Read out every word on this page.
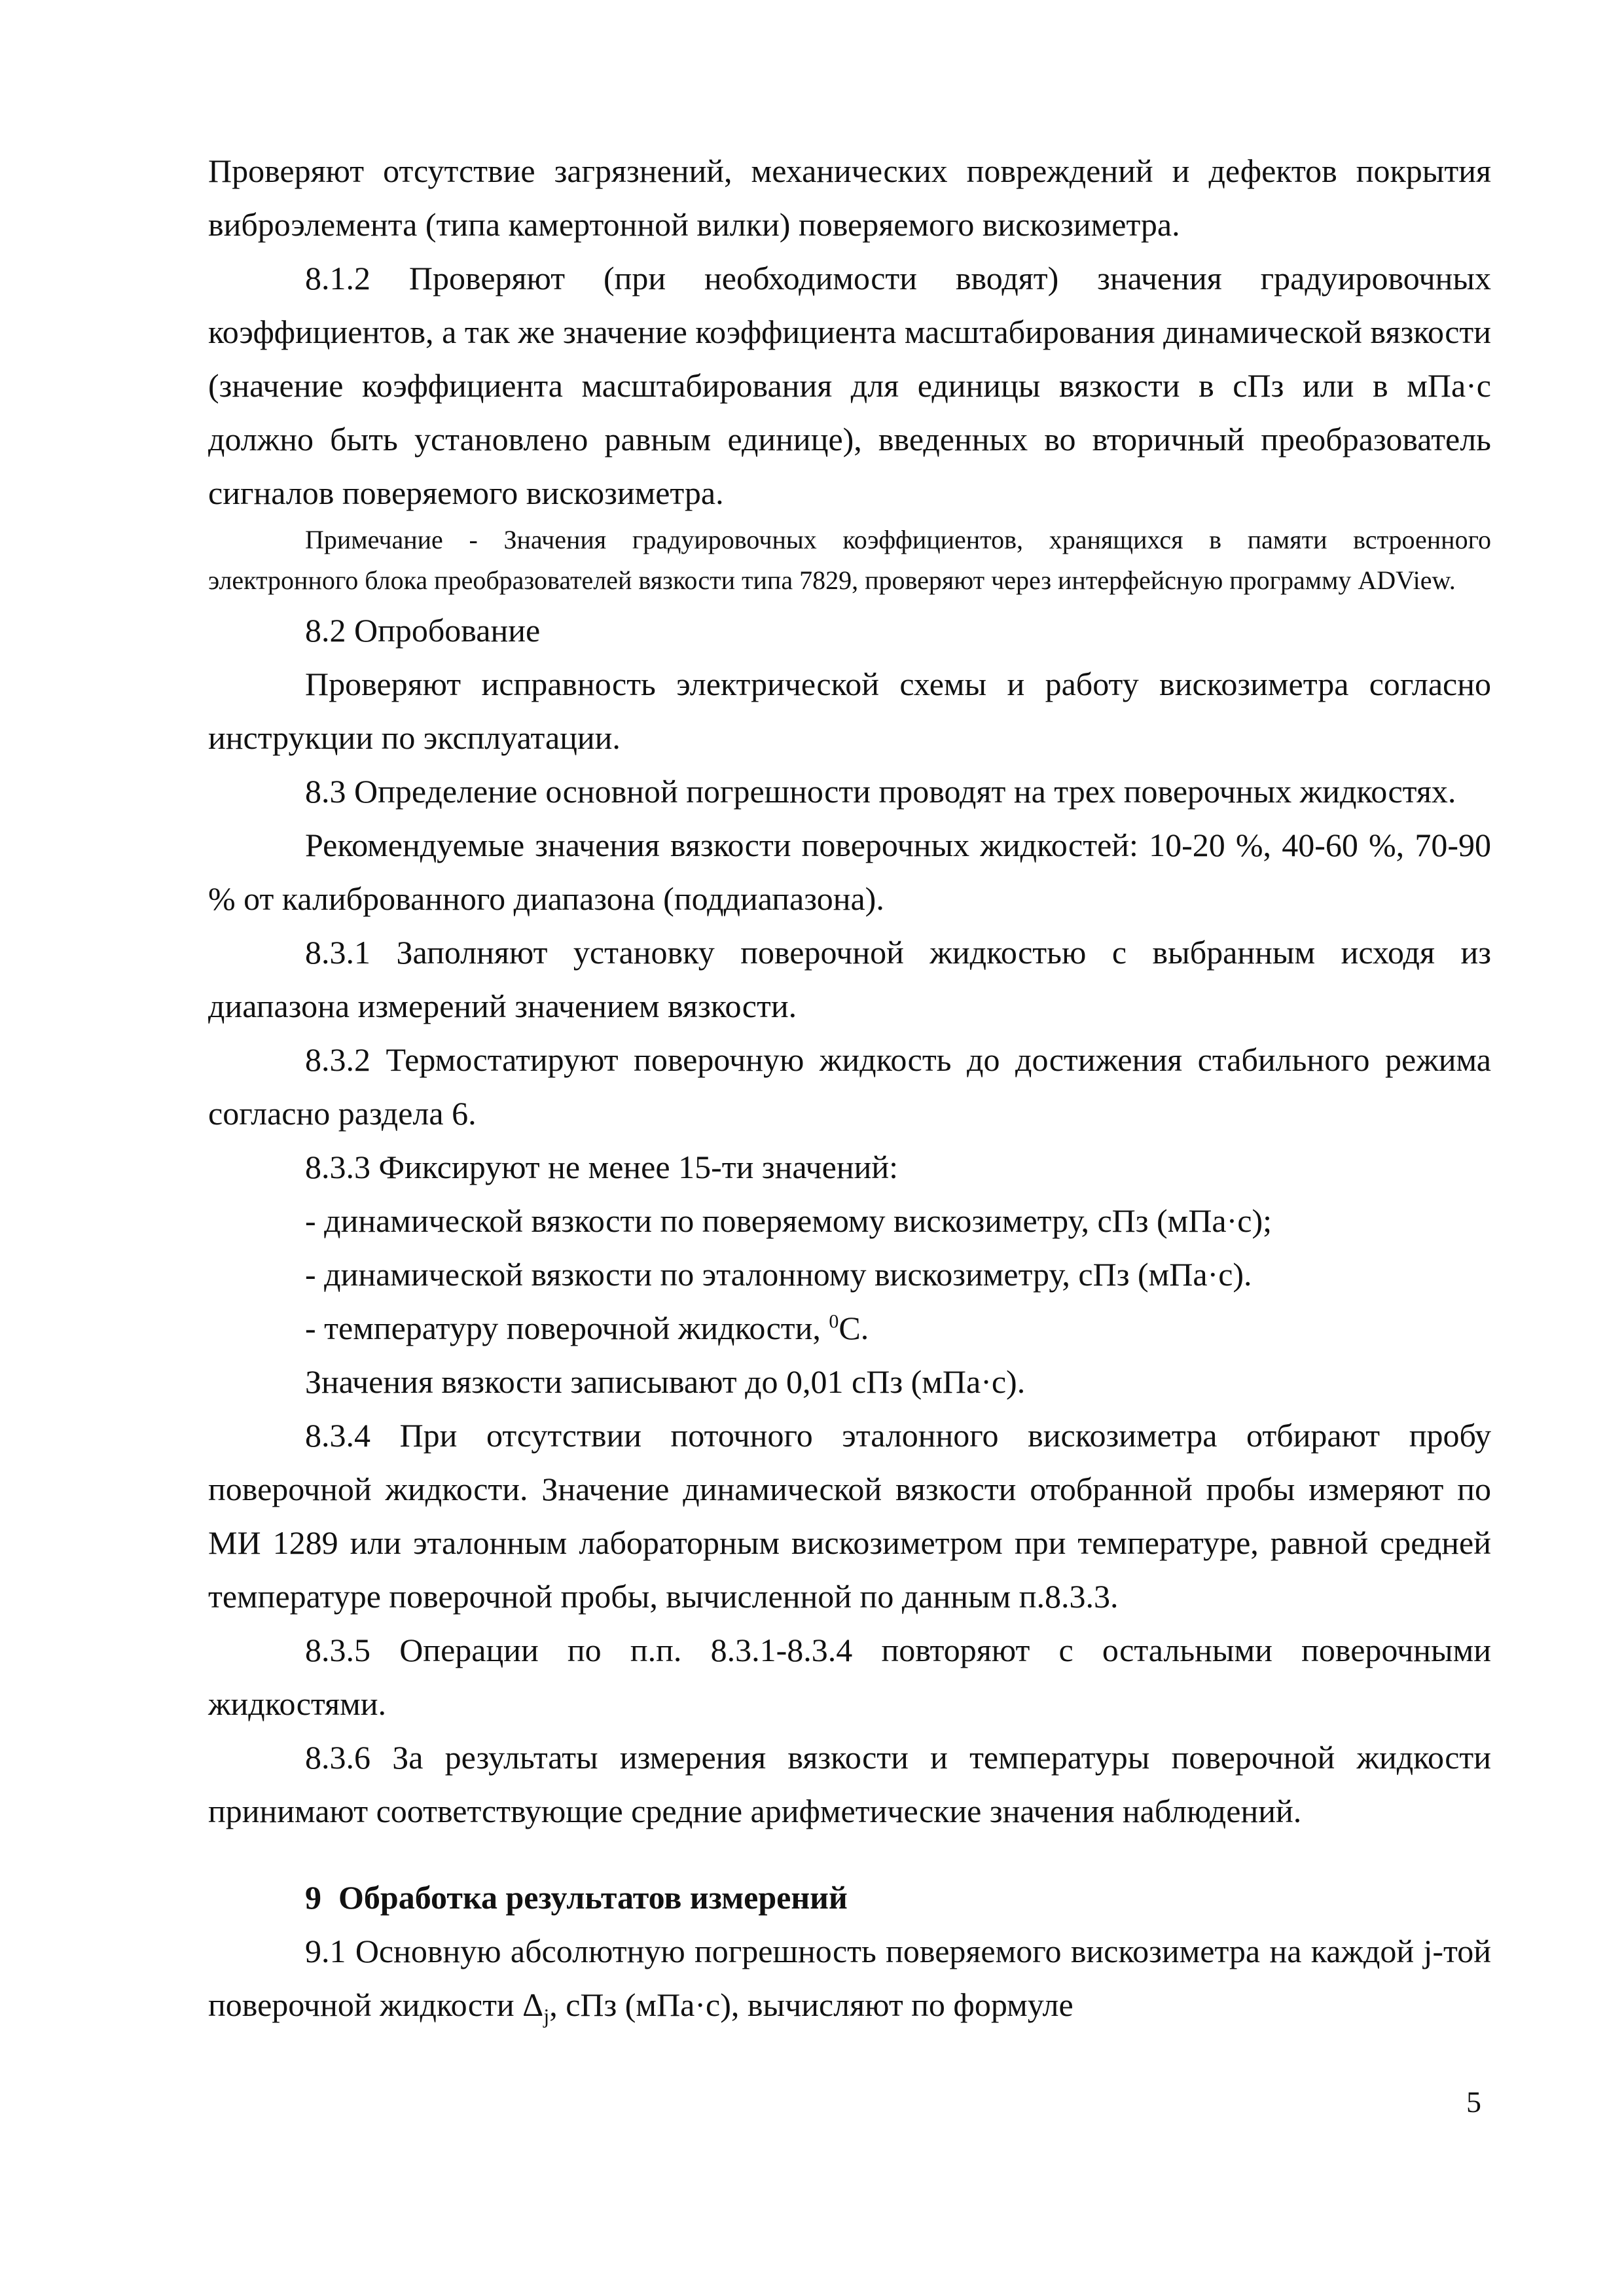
Проверяют отсутствие загрязнений, механических повреждений и дефектов покрытия виброэлемента (типа камертонной вилки) поверяемого вискозиметра.

8.1.2 Проверяют (при необходимости вводят) значения градуировочных коэффициентов, а так же значение коэффициента масштабирования динамической вязкости (значение коэффициента масштабирования для единицы вязкости в сПз или в мПа·с должно быть установлено равным единице), введенных во вторичный преобразователь сигналов поверяемого вискозиметра.

Примечание - Значения градуировочных коэффициентов, хранящихся в памяти встроенного электронного блока преобразователей вязкости типа 7829, проверяют через интерфейсную программу ADView.

8.2 Опробование

Проверяют исправность электрической схемы и работу вискозиметра согласно инструкции по эксплуатации.

8.3 Определение основной погрешности проводят на трех поверочных жидкостях.

Рекомендуемые значения вязкости поверочных жидкостей: 10-20 %, 40-60 %, 70-90 % от калиброванного диапазона (поддиапазона).

8.3.1 Заполняют установку поверочной жидкостью с выбранным исходя из диапазона измерений значением вязкости.

8.3.2 Термостатируют поверочную жидкость до достижения стабильного режима согласно раздела 6.

8.3.3 Фиксируют не менее 15-ти значений:

- динамической вязкости по поверяемому вискозиметру, сПз (мПа·с);

- динамической вязкости по эталонному вискозиметру, сПз (мПа·с).

- температуру поверочной жидкости, $^0$С.

Значения вязкости записывают до 0,01 сПз (мПа·с).

8.3.4 При отсутствии поточного эталонного вискозиметра отбирают пробу поверочной жидкости. Значение динамической вязкости отобранной пробы измеряют по МИ 1289 или эталонным лабораторным вискозиметром при температуре, равной средней температуре поверочной пробы, вычисленной по данным п.8.3.3.

8.3.5 Операции по п.п. 8.3.1-8.3.4 повторяют с остальными поверочными жидкостями.

8.3.6 За результаты измерения вязкости и температуры поверочной жидкости принимают соответствующие средние арифметические значения наблюдений.

9 Обработка результатов измерений

9.1 Основную абсолютную погрешность поверяемого вискозиметра на каждой j-той поверочной жидкости $\Delta_j$, сПз (мПа·с), вычисляют по формуле

5
